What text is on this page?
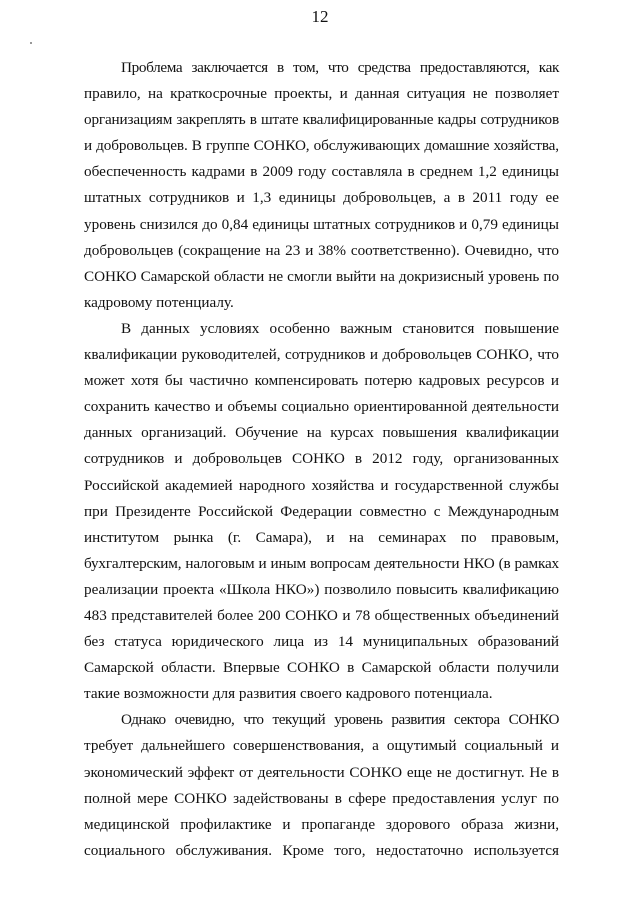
12
Проблема заключается в том, что средства предоставляются, как
правило, на краткосрочные проекты, и данная ситуация не позволяет
организациям закреплять в штате квалифицированные кадры сотрудников
и добровольцев. В группе СОНКО, обслуживающих домашние хозяйства,
обеспеченность кадрами в 2009 году составляла в среднем 1,2 единицы
штатных сотрудников и 1,3 единицы добровольцев, а в 2011 году ее
уровень снизился до 0,84 единицы штатных сотрудников и 0,79 единицы
добровольцев (сокращение на 23 и 38% соответственно). Очевидно, что
СОНКО Самарской области не смогли выйти на докризисный уровень по
кадровому потенциалу.
В данных условиях особенно важным становится повышение
квалификации руководителей, сотрудников и добровольцев СОНКО, что
может хотя бы частично компенсировать потерю кадровых ресурсов и
сохранить качество и объемы социально ориентированной деятельности
данных организаций. Обучение на курсах повышения квалификации
сотрудников и добровольцев СОНКО в 2012 году, организованных
Российской академией народного хозяйства и государственной службы
при Президенте Российской Федерации совместно с Международным
институтом рынка (г. Самара), и на семинарах по правовым,
бухгалтерским, налоговым и иным вопросам деятельности НКО (в рамках
реализации проекта «Школа НКО») позволило повысить квалификацию
483 представителей более 200 СОНКО и 78 общественных объединений
без статуса юридического лица из 14 муниципальных образований
Самарской области. Впервые СОНКО в Самарской области получили
такие возможности для развития своего кадрового потенциала.
Однако очевидно, что текущий уровень развития сектора СОНКО
требует дальнейшего совершенствования, а ощутимый социальный и
экономический эффект от деятельности СОНКО еще не достигнут. Не в
полной мере СОНКО задействованы в сфере предоставления услуг по
медицинской профилактике и пропаганде здорового образа жизни,
социального обслуживания. Кроме того, недостаточно используется
